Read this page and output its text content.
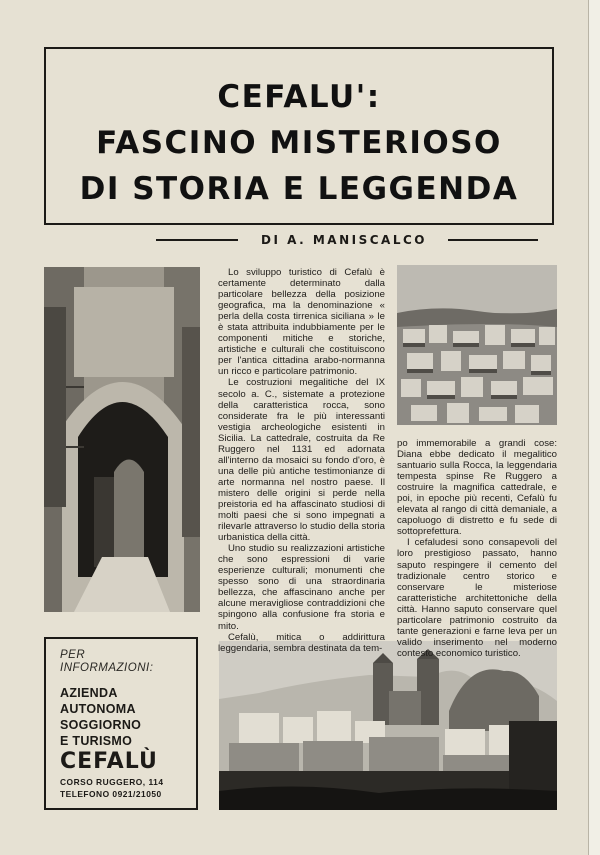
CEFALU':
FASCINO MISTERIOSO
DI STORIA E LEGGENDA
DI A. MANISCALCO

Lo sviluppo turistico di Cefalù è certamente determinato dalla particolare bellezza della posizione geografica, ma la denominazione « perla della costa tirrenica siciliana » le è stata attribuita indubbiamente per le componenti mitiche e storiche, artistiche e culturali che costituiscono per l'antica cittadina arabo-normanna un ricco e particolare patrimonio.

Le costruzioni megalitiche del IX secolo a. C., sistemate a protezione della caratteristica rocca, sono considerate fra le più interessanti vestigia archeologiche esistenti in Sicilia. La cattedrale, costruita da Re Ruggero nel 1131 ed adornata all'interno da mosaici su fondo d'oro, è una delle più antiche testimonianze di arte normanna nel nostro paese. Il mistero delle origini si perde nella preistoria ed ha affascinato studiosi di molti paesi che si sono impegnati a rilevarle attraverso lo studio della storia urbanistica della città.

Uno studio su realizzazioni artistiche che sono espressioni di varie esperienze culturali; monumenti che spesso sono di una straordinaria bellezza, che affascinano anche per alcune meravigliose contraddizioni che spingono alla confusione fra storia e mito.

Cefalù, mitica o addirittura leggendaria, sembra destinata da tem-

po immemorabile a grandi cose: Diana ebbe dedicato il megalitico santuario sulla Rocca, la leggendaria tempesta spinse Re Ruggero a costruire la magnifica cattedrale, e poi, in epoche più recenti, Cefalù fu elevata al rango di città demaniale, a capoluogo di distretto e fu sede di sottoprefettura.

I cefaludesi sono consapevoli del loro prestigioso passato, hanno saputo respingere il cemento del tradizionale centro storico e conservare le misteriose caratteristiche architettoniche della città. Hanno saputo conservare quel particolare patrimonio costruito da tante generazioni e farne leva per un valido inserimento nel moderno contesto economico turistico.

PER
INFORMAZIONI:
AZIENDA
AUTONOMA
SOGGIORNO
E TURISMO
CEFALÙ
CORSO RUGGERO, 114
TELEFONO 0921/21050
